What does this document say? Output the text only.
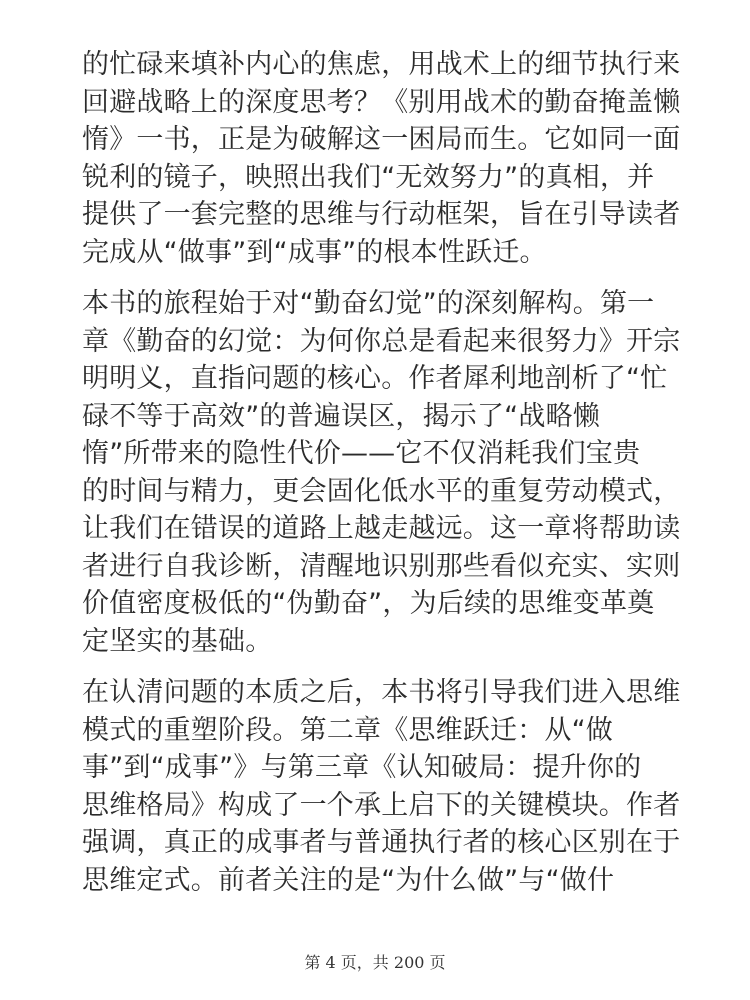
的忙碌来填补内心的焦虑，用战术上的细节执行来
回避战略上的深度思考？《别用战术的勤奋掩盖懒
惰》一书，正是为破解这一困局而生。它如同一面
锐利的镜子，映照出我们“无效努力”的真相，并
提供了一套完整的思维与行动框架，旨在引导读者
完成从“做事”到“成事”的根本性跃迁。

本书的旅程始于对“勤奋幻觉”的深刻解构。第一
章《勤奋的幻觉：为何你总是看起来很努力》开宗
明明义，直指问题的核心。作者犀利地剖析了“忙
碌不等于高效”的普遍误区，揭示了“战略懒
惰”所带来的隐性代价——它不仅消耗我们宝贵
的时间与精力，更会固化低水平的重复劳动模式，
让我们在错误的道路上越走越远。这一章将帮助读
者进行自我诊断，清醒地识别那些看似充实、实则
价值密度极低的“伪勤奋”，为后续的思维变革奠
定坚实的基础。

在认清问题的本质之后，本书将引导我们进入思维
模式的重塑阶段。第二章《思维跃迁：从“做
事”到“成事”》与第三章《认知破局：提升你的
思维格局》构成了一个承上启下的关键模块。作者
强调，真正的成事者与普通执行者的核心区别在于
思维定式。前者关注的是“为什么做”与“做什

第 4 页，共 200 页
